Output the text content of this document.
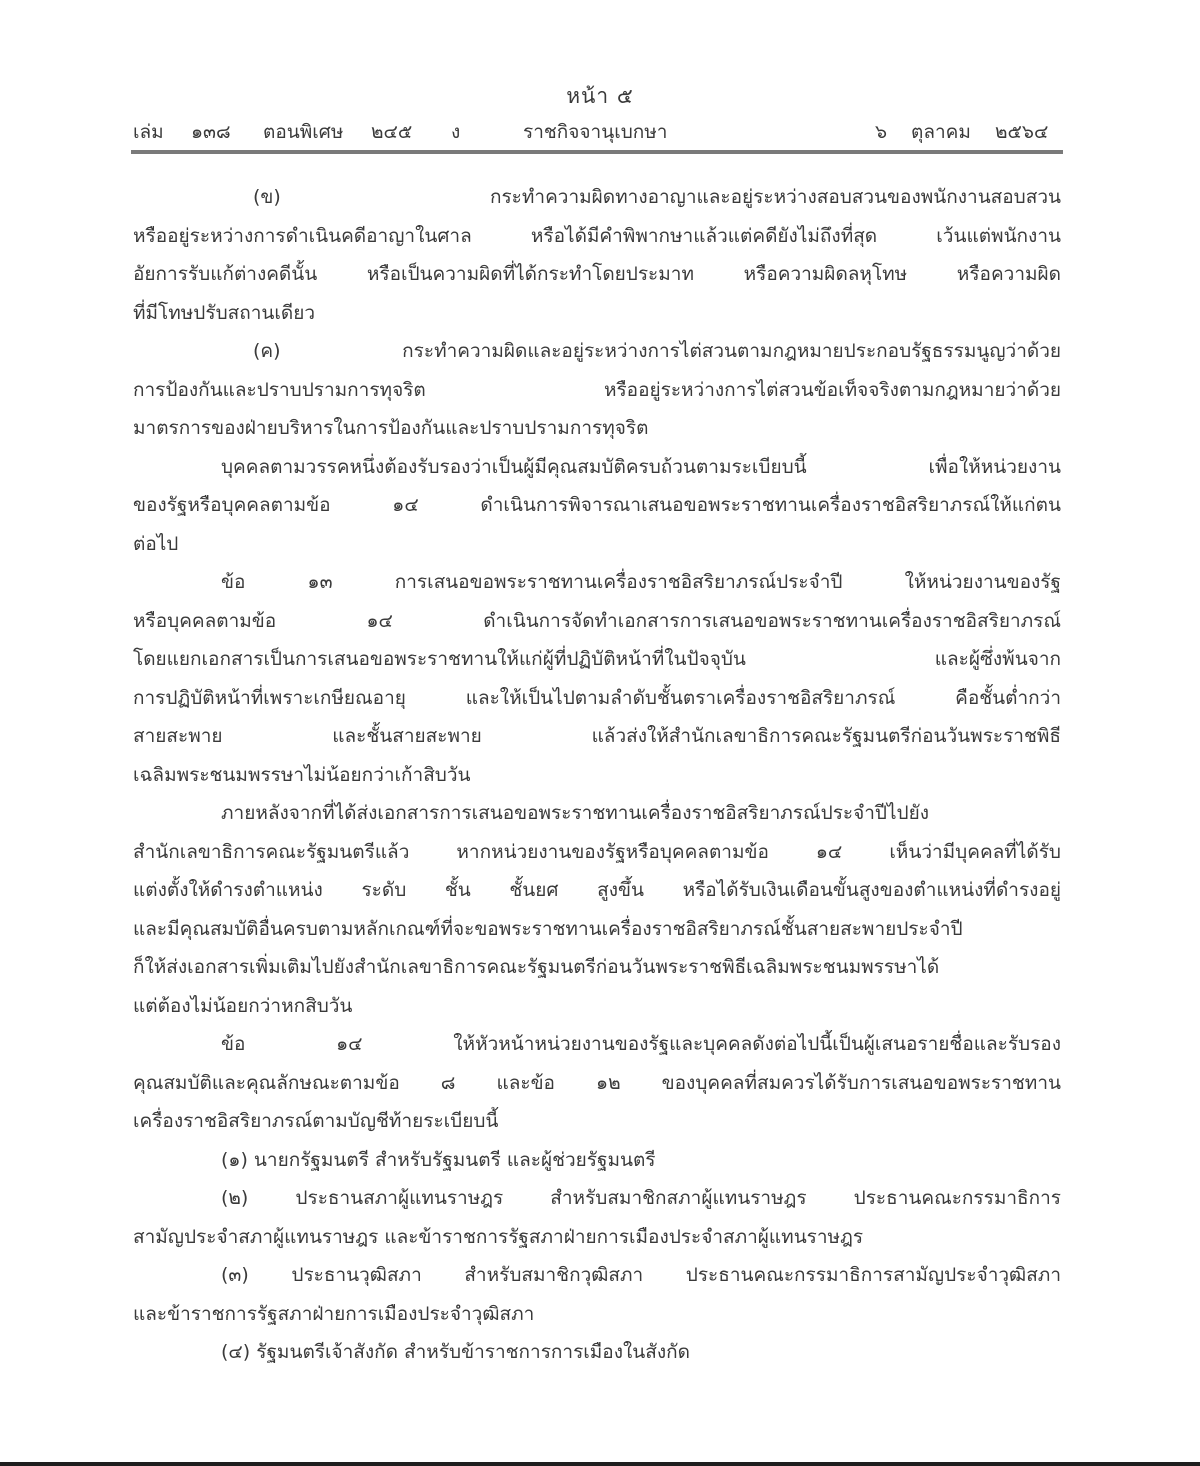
หน้า ๕
เล่ม ๑๓๘ ตอนพิเศษ ๒๔๕ ง	ราชกิจจานุเบกษา	๖ ตุลาคม ๒๕๖๔
(ข) กระทำความผิดทางอาญาและอยู่ระหว่างสอบสวนของพนักงานสอบสวน
หรืออยู่ระหว่างการดำเนินคดีอาญาในศาล หรือได้มีคำพิพากษาแล้วแต่คดียังไม่ถึงที่สุด เว้นแต่พนักงาน
อัยการรับแก้ต่างคดีนั้น หรือเป็นความผิดที่ได้กระทำโดยประมาท หรือความผิดลหุโทษ หรือความผิด
ที่มีโทษปรับสถานเดียว
(ค) กระทำความผิดและอยู่ระหว่างการไต่สวนตามกฎหมายประกอบรัฐธรรมนูญว่าด้วย
การป้องกันและปราบปรามการทุจริต หรืออยู่ระหว่างการไต่สวนข้อเท็จจริงตามกฎหมายว่าด้วย
มาตรการของฝ่ายบริหารในการป้องกันและปราบปรามการทุจริต
บุคคลตามวรรคหนึ่งต้องรับรองว่าเป็นผู้มีคุณสมบัติครบถ้วนตามระเบียบนี้ เพื่อให้หน่วยงาน
ของรัฐหรือบุคคลตามข้อ ๑๔ ดำเนินการพิจารณาเสนอขอพระราชทานเครื่องราชอิสริยาภรณ์ให้แก่ตน
ต่อไป
ข้อ ๑๓ การเสนอขอพระราชทานเครื่องราชอิสริยาภรณ์ประจำปี ให้หน่วยงานของรัฐ
หรือบุคคลตามข้อ ๑๔ ดำเนินการจัดทำเอกสารการเสนอขอพระราชทานเครื่องราชอิสริยาภรณ์
โดยแยกเอกสารเป็นการเสนอขอพระราชทานให้แก่ผู้ที่ปฏิบัติหน้าที่ในปัจจุบัน และผู้ซึ่งพ้นจาก
การปฏิบัติหน้าที่เพราะเกษียณอายุ และให้เป็นไปตามลำดับชั้นตราเครื่องราชอิสริยาภรณ์ คือชั้นต่ำกว่า
สายสะพาย และชั้นสายสะพาย แล้วส่งให้สำนักเลขาธิการคณะรัฐมนตรีก่อนวันพระราชพิธี
เฉลิมพระชนมพรรษาไม่น้อยกว่าเก้าสิบวัน
ภายหลังจากที่ได้ส่งเอกสารการเสนอขอพระราชทานเครื่องราชอิสริยาภรณ์ประจำปีไปยัง
สำนักเลขาธิการคณะรัฐมนตรีแล้ว หากหน่วยงานของรัฐหรือบุคคลตามข้อ ๑๔ เห็นว่ามีบุคคลที่ได้รับ
แต่งตั้งให้ดำรงตำแหน่ง ระดับ ชั้น ชั้นยศ สูงขึ้น หรือได้รับเงินเดือนขั้นสูงของตำแหน่งที่ดำรงอยู่
และมีคุณสมบัติอื่นครบตามหลักเกณฑ์ที่จะขอพระราชทานเครื่องราชอิสริยาภรณ์ชั้นสายสะพายประจำปี
ก็ให้ส่งเอกสารเพิ่มเติมไปยังสำนักเลขาธิการคณะรัฐมนตรีก่อนวันพระราชพิธีเฉลิมพระชนมพรรษาได้
แต่ต้องไม่น้อยกว่าหกสิบวัน
ข้อ ๑๔ ให้หัวหน้าหน่วยงานของรัฐและบุคคลดังต่อไปนี้เป็นผู้เสนอรายชื่อและรับรอง
คุณสมบัติและคุณลักษณะตามข้อ ๘ และข้อ ๑๒ ของบุคคลที่สมควรได้รับการเสนอขอพระราชทาน
เครื่องราชอิสริยาภรณ์ตามบัญชีท้ายระเบียบนี้
(๑) นายกรัฐมนตรี สำหรับรัฐมนตรี และผู้ช่วยรัฐมนตรี
(๒) ประธานสภาผู้แทนราษฎร สำหรับสมาชิกสภาผู้แทนราษฎร ประธานคณะกรรมาธิการ
สามัญประจำสภาผู้แทนราษฎร และข้าราชการรัฐสภาฝ่ายการเมืองประจำสภาผู้แทนราษฎร
(๓) ประธานวุฒิสภา สำหรับสมาชิกวุฒิสภา ประธานคณะกรรมาธิการสามัญประจำวุฒิสภา
และข้าราชการรัฐสภาฝ่ายการเมืองประจำวุฒิสภา
(๔) รัฐมนตรีเจ้าสังกัด สำหรับข้าราชการการเมืองในสังกัด
